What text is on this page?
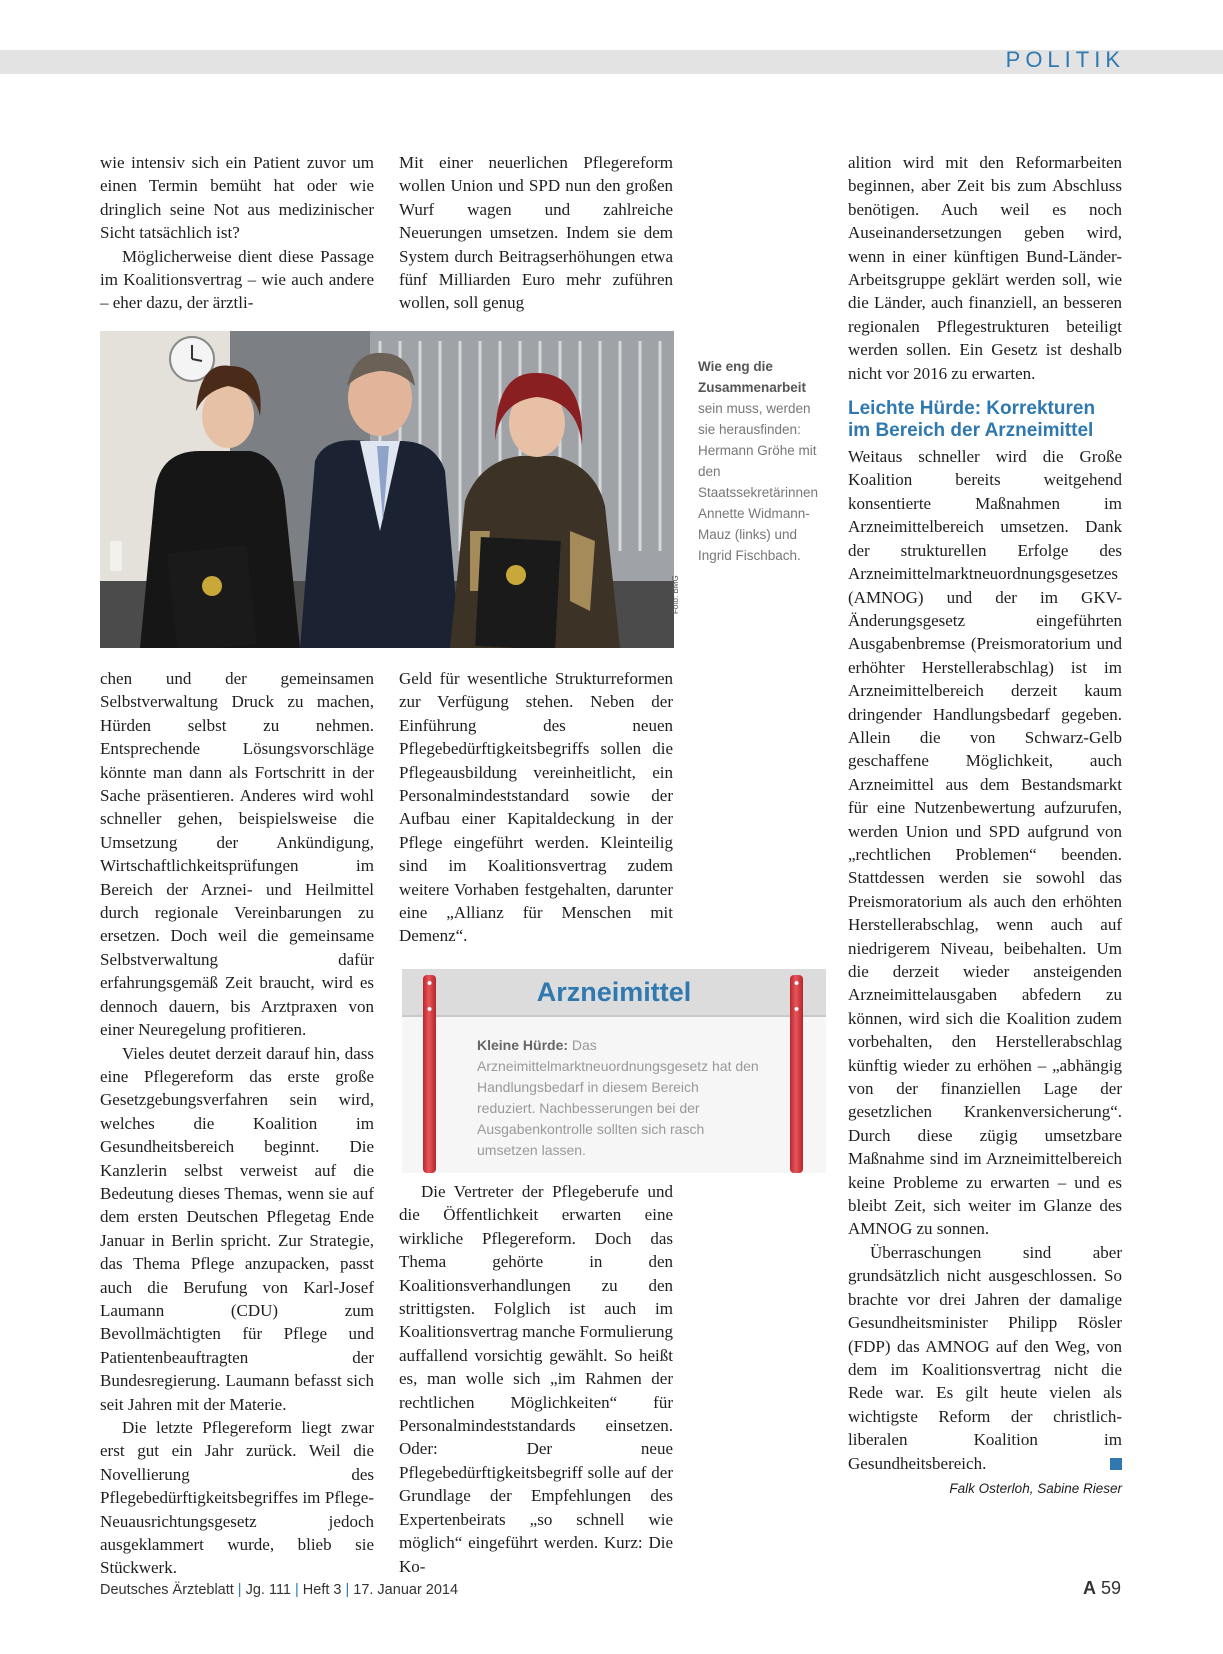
POLITIK

wie intensiv sich ein Patient zuvor um einen Termin bemüht hat oder wie dringlich seine Not aus medizinischer Sicht tatsächlich ist?

Möglicherweise dient diese Passage im Koalitionsvertrag – wie auch andere – eher dazu, der ärztli-

Mit einer neuerlichen Pflegereform wollen Union und SPD nun den großen Wurf wagen und zahlreiche Neuerungen umsetzen. Indem sie dem System durch Beitragserhöhungen etwa fünf Milliarden Euro mehr zuführen wollen, soll genug

Foto: BMG
Wie eng die Zusammenarbeit sein muss, werden sie herausfinden: Hermann Gröhe mit den Staatssekretärinnen Annette Widmann-Mauz (links) und Ingrid Fischbach.

chen und der gemeinsamen Selbstverwaltung Druck zu machen, Hürden selbst zu nehmen. Entsprechende Lösungsvorschläge könnte man dann als Fortschritt in der Sache präsentieren. Anderes wird wohl schneller gehen, beispielsweise die Umsetzung der Ankündigung, Wirtschaftlichkeitsprüfungen im Bereich der Arznei- und Heilmittel durch regionale Vereinbarungen zu ersetzen. Doch weil die gemeinsame Selbstverwaltung dafür erfahrungsgemäß Zeit braucht, wird es dennoch dauern, bis Arztpraxen von einer Neuregelung profitieren.

Vieles deutet derzeit darauf hin, dass eine Pflegereform das erste große Gesetzgebungsverfahren sein wird, welches die Koalition im Gesundheitsbereich beginnt. Die Kanzlerin selbst verweist auf die Bedeutung dieses Themas, wenn sie auf dem ersten Deutschen Pflegetag Ende Januar in Berlin spricht. Zur Strategie, das Thema Pflege anzupacken, passt auch die Berufung von Karl-Josef Laumann (CDU) zum Bevollmächtigten für Pflege und Patientenbeauftragten der Bundesregierung. Laumann befasst sich seit Jahren mit der Materie.

Die letzte Pflegereform liegt zwar erst gut ein Jahr zurück. Weil die Novellierung des Pflegebedürftigkeitsbegriffes im Pflege-Neuausrichtungsgesetz jedoch ausgeklammert wurde, blieb sie Stückwerk.

Geld für wesentliche Strukturreformen zur Verfügung stehen. Neben der Einführung des neuen Pflegebedürftigkeitsbegriffs sollen die Pflegeausbildung vereinheitlicht, ein Personalmindeststandard sowie der Aufbau einer Kapitaldeckung in der Pflege eingeführt werden. Kleinteilig sind im Koalitionsvertrag zudem weitere Vorhaben festgehalten, darunter eine „Allianz für Menschen mit Demenz“.

Arzneimittel
Kleine Hürde: Das Arzneimittelmarktneuordnungsgesetz hat den Handlungsbedarf in diesem Bereich reduziert. Nachbesserungen bei der Ausgabenkontrolle sollten sich rasch umsetzen lassen.

Die Vertreter der Pflegeberufe und die Öffentlichkeit erwarten eine wirkliche Pflegereform. Doch das Thema gehörte in den Koalitionsverhandlungen zu den strittigsten. Folglich ist auch im Koalitionsvertrag manche Formulierung auffallend vorsichtig gewählt. So heißt es, man wolle sich „im Rahmen der rechtlichen Möglichkeiten“ für Personalmindeststandards einsetzen. Oder: Der neue Pflegebedürftigkeitsbegriff solle auf der Grundlage der Empfehlungen des Expertenbeirats „so schnell wie möglich“ eingeführt werden. Kurz: Die Ko-

alition wird mit den Reformarbeiten beginnen, aber Zeit bis zum Abschluss benötigen. Auch weil es noch Auseinandersetzungen geben wird, wenn in einer künftigen Bund-Länder-Arbeitsgruppe geklärt werden soll, wie die Länder, auch finanziell, an besseren regionalen Pflegestrukturen beteiligt werden sollen. Ein Gesetz ist deshalb nicht vor 2016 zu erwarten.

Leichte Hürde: Korrekturen im Bereich der Arzneimittel

Weitaus schneller wird die Große Koalition bereits weitgehend konsentierte Maßnahmen im Arzneimittelbereich umsetzen. Dank der strukturellen Erfolge des Arzneimittelmarktneuordnungsgesetzes (AMNOG) und der im GKV-Änderungsgesetz eingeführten Ausgabenbremse (Preismoratorium und erhöhter Herstellerabschlag) ist im Arzneimittelbereich derzeit kaum dringender Handlungsbedarf gegeben. Allein die von Schwarz-Gelb geschaffene Möglichkeit, auch Arzneimittel aus dem Bestandsmarkt für eine Nutzenbewertung aufzurufen, werden Union und SPD aufgrund von „rechtlichen Problemen“ beenden. Stattdessen werden sie sowohl das Preismoratorium als auch den erhöhten Herstellerabschlag, wenn auch auf niedrigerem Niveau, beibehalten. Um die derzeit wieder ansteigenden Arzneimittelausgaben abfedern zu können, wird sich die Koalition zudem vorbehalten, den Herstellerabschlag künftig wieder zu erhöhen – „abhängig von der finanziellen Lage der gesetzlichen Krankenversicherung“. Durch diese zügig umsetzbare Maßnahme sind im Arzneimittelbereich keine Probleme zu erwarten – und es bleibt Zeit, sich weiter im Glanze des AMNOG zu sonnen.

Überraschungen sind aber grundsätzlich nicht ausgeschlossen. So brachte vor drei Jahren der damalige Gesundheitsminister Philipp Rösler (FDP) das AMNOG auf den Weg, von dem im Koalitionsvertrag nicht die Rede war. Es gilt heute vielen als wichtigste Reform der christlich-liberalen Koalition im Gesundheitsbereich.

Falk Osterloh, Sabine Rieser
Deutsches Ärzteblatt | Jg. 111 | Heft 3 | 17. Januar 2014	A 59
